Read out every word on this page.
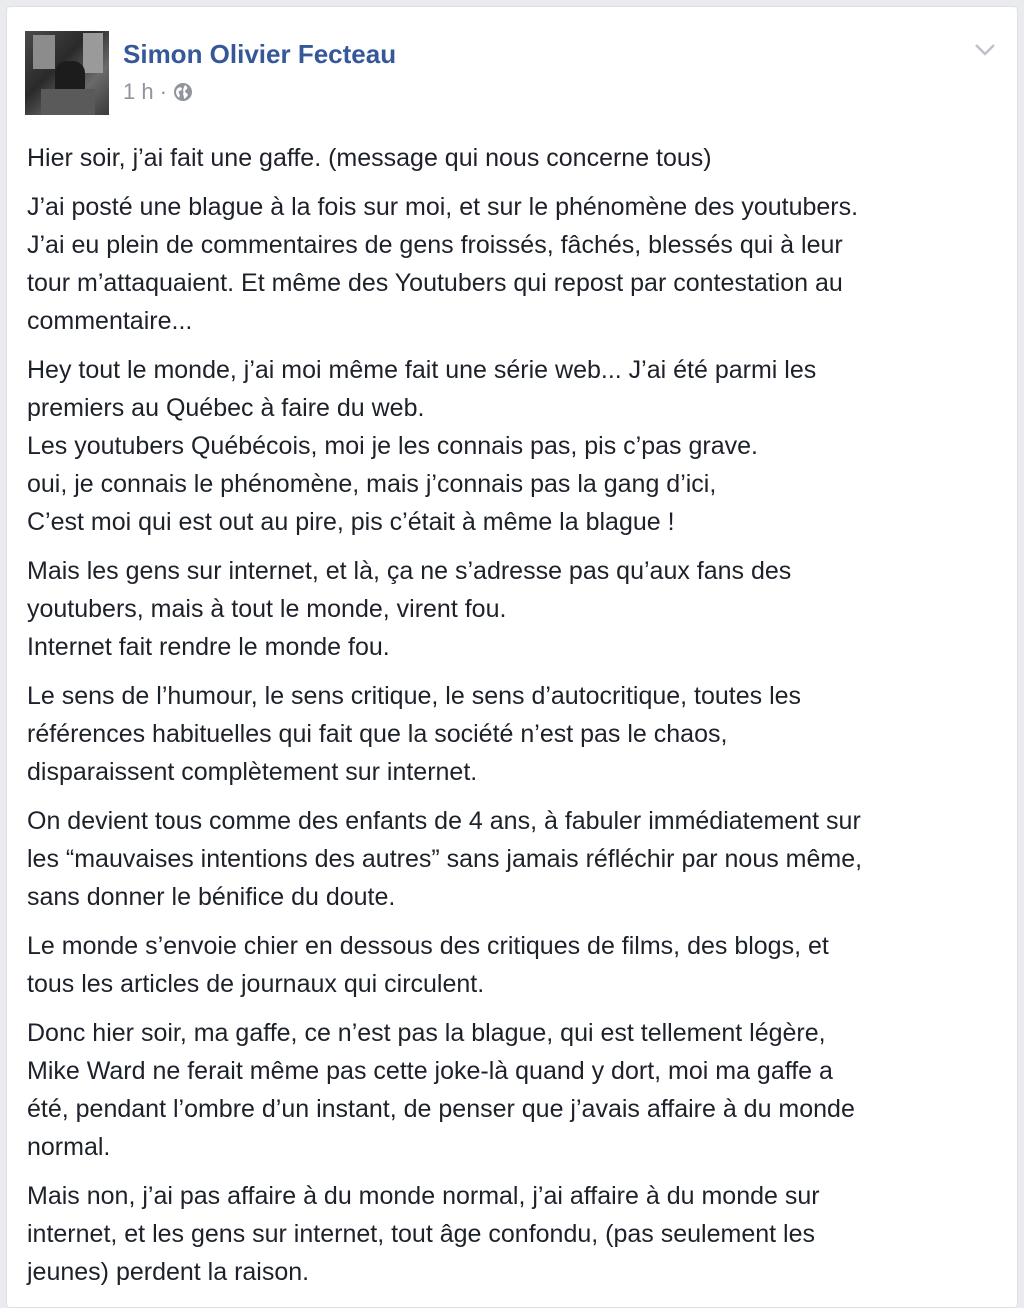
Simon Olivier Fecteau
1 h ·

Hier soir, j’ai fait une gaffe. (message qui nous concerne tous)

J’ai posté une blague à la fois sur moi, et sur le phénomène des youtubers.
J’ai eu plein de commentaires de gens froissés, fâchés, blessés qui à leur
tour m’attaquaient. Et même des Youtubers qui repost par contestation au
commentaire...

Hey tout le monde, j’ai moi même fait une série web... J’ai été parmi les
premiers au Québec à faire du web.
Les youtubers Québécois, moi je les connais pas, pis c’pas grave.
oui, je connais le phénomène, mais j’connais pas la gang d’ici,
C’est moi qui est out au pire, pis c’était à même la blague !

Mais les gens sur internet, et là, ça ne s’adresse pas qu’aux fans des
youtubers, mais à tout le monde, virent fou.
Internet fait rendre le monde fou.

Le sens de l’humour, le sens critique, le sens d’autocritique, toutes les
références habituelles qui fait que la société n’est pas le chaos,
disparaissent complètement sur internet.

On devient tous comme des enfants de 4 ans, à fabuler immédiatement sur
les “mauvaises intentions des autres” sans jamais réfléchir par nous même,
sans donner le bénifice du doute.

Le monde s’envoie chier en dessous des critiques de films, des blogs, et
tous les articles de journaux qui circulent.

Donc hier soir, ma gaffe, ce n’est pas la blague, qui est tellement légère,
Mike Ward ne ferait même pas cette joke-là quand y dort, moi ma gaffe a
été, pendant l’ombre d’un instant, de penser que j’avais affaire à du monde
normal.

Mais non, j’ai pas affaire à du monde normal, j’ai affaire à du monde sur
internet, et les gens sur internet, tout âge confondu, (pas seulement les
jeunes) perdent la raison.
